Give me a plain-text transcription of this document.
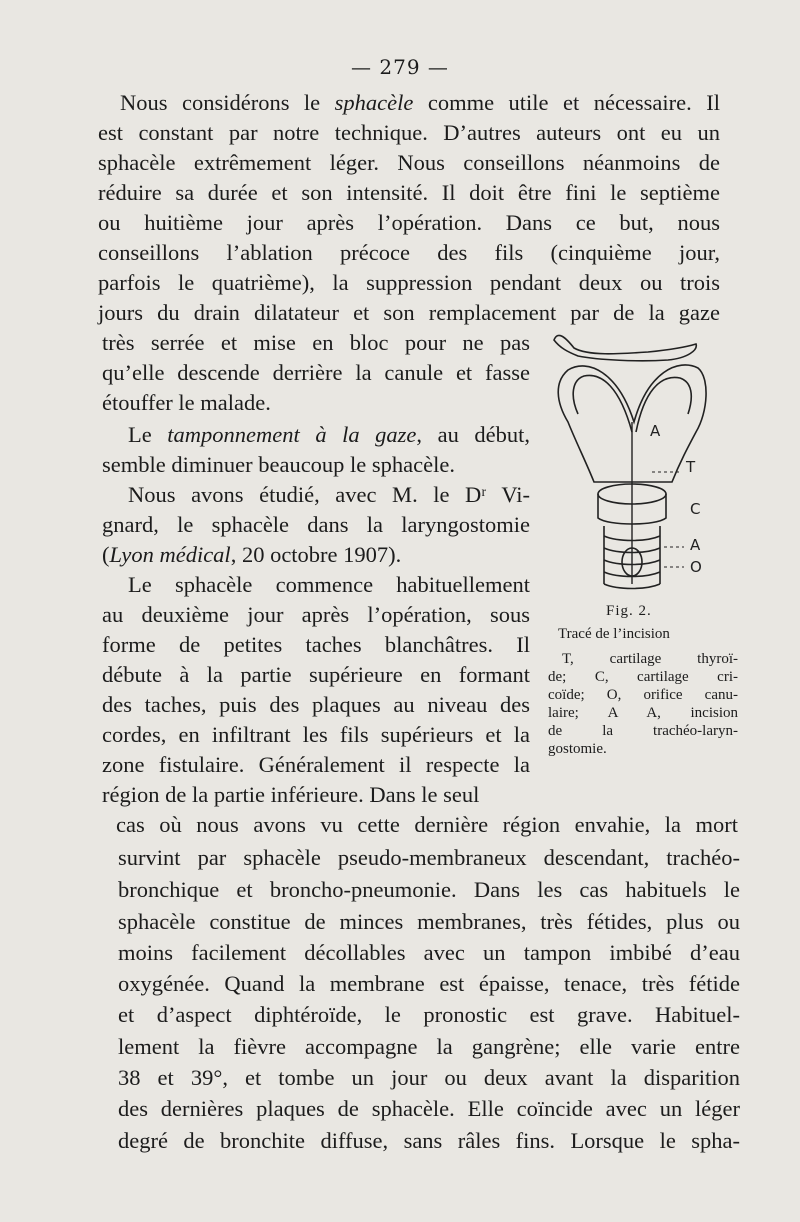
— 279 —
Nous considérons le sphacèle comme utile et nécessaire. Il
est constant par notre technique. D’autres auteurs ont eu un
sphacèle extrêmement léger. Nous conseillons néanmoins de
réduire sa durée et son intensité. Il doit être fini le septième
ou huitième jour après l’opération. Dans ce but, nous
conseillons l’ablation précoce des fils (cinquième jour,
parfois le quatrième), la suppression pendant deux ou trois
jours du drain dilatateur et son remplacement par de la gaze
très serrée et mise en bloc pour ne pas
qu’elle descende derrière la canule et fasse
étouffer le malade.
Le tamponnement à la gaze, au début,
semble diminuer beaucoup le sphacèle.
Nous avons étudié, avec M. le Dʳ Vi-
gnard, le sphacèle dans la laryngostomie
(Lyon médical, 20 octobre 1907).
Le sphacèle commence habituellement
au deuxième jour après l’opération, sous
forme de petites taches blanchâtres. Il
débute à la partie supérieure en formant
des taches, puis des plaques au niveau des
cordes, en infiltrant les fils supérieurs et la
zone fistulaire. Généralement il respecte la
région de la partie inférieure. Dans le seul
cas où nous avons vu cette dernière région envahie, la mort
survint par sphacèle pseudo-membraneux descendant, trachéo-
bronchique et broncho-pneumonie. Dans les cas habituels le
sphacèle constitue de minces membranes, très fétides, plus ou
moins facilement décollables avec un tampon imbibé d’eau
oxygénée. Quand la membrane est épaisse, tenace, très fétide
et d’aspect diphtéroïde, le pronostic est grave. Habituel-
lement la fièvre accompagne la gangrène; elle varie entre
38 et 39°, et tombe un jour ou deux avant la disparition
des dernières plaques de sphacèle. Elle coïncide avec un léger
degré de bronchite diffuse, sans râles fins. Lorsque le spha-
A
T
C
A
O
Fig. 2.
Tracé de l’incision
T, cartilage thyroï-
de; C, cartilage cri-
coïde; O, orifice canu-
laire; A A, incision
de la trachéo-laryn-
gostomie.
